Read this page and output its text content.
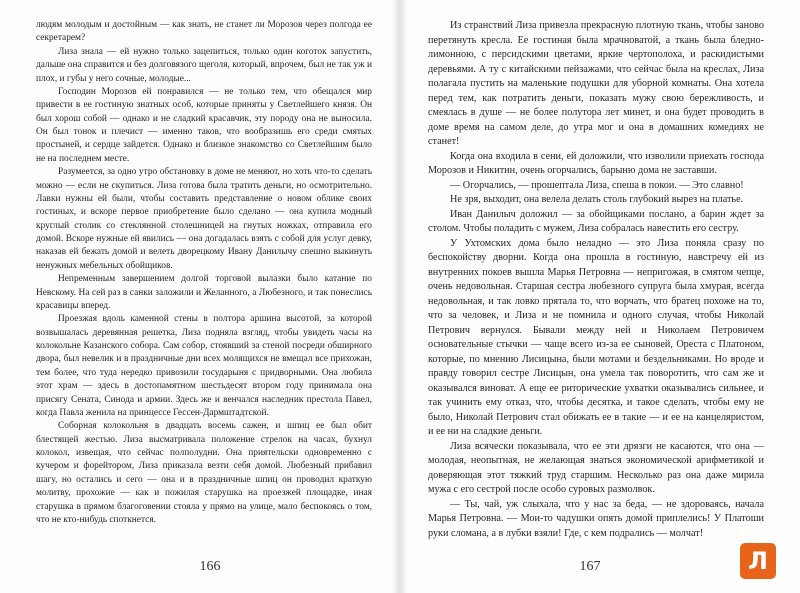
людям молодым и достойным — как знать, не станет ли Морозов через полгода ее секретарем?

Лиза знала — ей нужно только зацепиться, только один коготок запустить, дальше она справится и без долговязого щеголя, который, впрочем, был не так уж и плох, и губы у него сочные, молодые...

Господин Морозов ей понравился — не только тем, что обещался мир привести в ее гостиную знатных особ, которые приняты у Светлейшего князя. Он был хорош собой — однако и не сладкий красавчик, эту породу она не выносила. Он был тонок и плечист — именно таков, что вообразишь его среди смятых простыней, и сердце зайдется. Однако и близкое знакомство со Светлейшим было не на последнем месте.

Разумеется, за одно утро обстановку в доме не меняют, но хоть что-то сделать можно — если не скупиться. Лиза готова была тратить деньги, но осмотрительно. Лавки нужны ей были, чтобы составить представление о новом облике своих гостиных, и вскоре первое приобретение было сделано — она купила модный круглый столик со стеклянной столешницей на гнутых ножках, отправила его домой. Вскоре нужные ей явились — она догадалась взять с собой для услуг девку, наказав ей бежать домой и велеть дворецкому Ивану Данилычу спешно выкинуть ненужных мебельных обойщиков.

Непременным завершением долгой торговой вылазки было катание по Невскому. На сей раз в санки заложили и Желанного, а Любезного, и так понеслись красавицы вперед.

Проезжая вдоль каменной стены в полтора аршина высотой, за которой возвышалась деревянная решетка, Лиза подняла взгляд, чтобы увидеть часы на колокольне Казанского собора. Сам собор, стоявший за стеной посреди обширного двора, был невелик и в праздничные дни всех молящихся не вмещал все прихожан, тем более, что туда нередко привозили государыня с придворными. Она любила этот храм — здесь в достопамятном шестьдесят втором году принимала она присягу Сената, Синода и армии. Здесь же и венчался наследник престола Павел, когда Павла женила на принцессе Гессен-Дармштадтской.

Соборная колокольня в двадцать восемь сажен, и шпиц ее был обит блестящей жестью. Лиза высматривала положение стрелок на часах, бухнул колокол, извещая, что сейчас полполудни. Она приятельски одновременно с кучером и форейтором, Лиза приказала везти себя домой. Любезный прибавил шагу, но остались и сего — она и в праздничные шпиц он проводил краткую молитву, прохожие — как и пожилая старушка на проезжей площадке, иная старушка в прямом благоговении стояла у прямо на улице, мало беспокоясь о том, что не кто-нибудь споткнется.

166

Из странствий Лиза привезла прекрасную плотную ткань, чтобы заново перетянуть кресла. Ее гостиная была мрачноватой, а ткань была бледно-лимонною, с персидскими цветами, яркие чертополоха, и раскидистыми деревьями. А ту с китайскими пейзажами, что сейчас была на креслах, Лиза полагала пустить на маленькие подушки для уборной комнаты. Она хотела перед тем, как потратить деньги, показать мужу свою бережливость, и смеялась в душе — не более полутора лет минет, и она будет проводить в доме время на самом деле, до утра мог и она в домашних комедиях не станет!

Когда она входила в сени, ей доложили, что изволили приехать господа Морозов и Никитин, очень огорчались, барыню дома не заставши.

— Огорчались, — прошептала Лиза, спеша в покои. — Это славно!

Не зря, выходит, она велела делать столь глубокий вырез на платье.

Иван Данилыч доложил — за обойщиками послано, а барин ждет за столом. Чтобы поладить с мужем, Лиза собралась навестить его сестру.

У Ухтомских дома было неладно — это Лиза поняла сразу по беспокойству дворни. Когда она прошла в гостиную, навстречу ей из внутренних покоев вышла Марья Петровна — непригожая, в смятом чепце, очень недовольная. Старшая сестра любезного супруга была хмурая, всегда недовольная, и так ловко прятала то, что ворчать, что братец похоже на то, что за человек, и Лиза и не помнила и одного случая, чтобы Николай Петрович вернулся. Бывали между ней и Николаем Петровичем основательные стычки — чаще всего из-за ее сыновей, Ореста с Платоном, которые, по мнению Лисицына, были мотами и бездельниками. Но вроде и правду говорил сестре Лисицын, она умела так поворотить, что сам же и оказывался виноват. А еще ее риторические ухватки оказывались сильнее, и так учинить ему отказ, что, чтобы десятка, и такое сделать, чтобы ему не было, Николай Петрович стал обижать ее в такие — и ее на канцеляристом, и ее ни на сладкие деньги.

Лиза всячески показывала, что ее эти дрязги не касаются, что она — молодая, неопытная, не желающая знаться экономической арифметикой и доверяющая этот тяжкий труд старшим. Несколько раз она даже мирила мужа с его сестрой после особо суровых размолвок.

— Ты, чай, уж слыхала, что у нас за беда, — не здороваясь, начала Марья Петровна. — Мои-то чадушки опять домой приплелись! У Платоши руки сломана, а в лубки взяли! Где, с кем подрались — молчат!

167	Л
